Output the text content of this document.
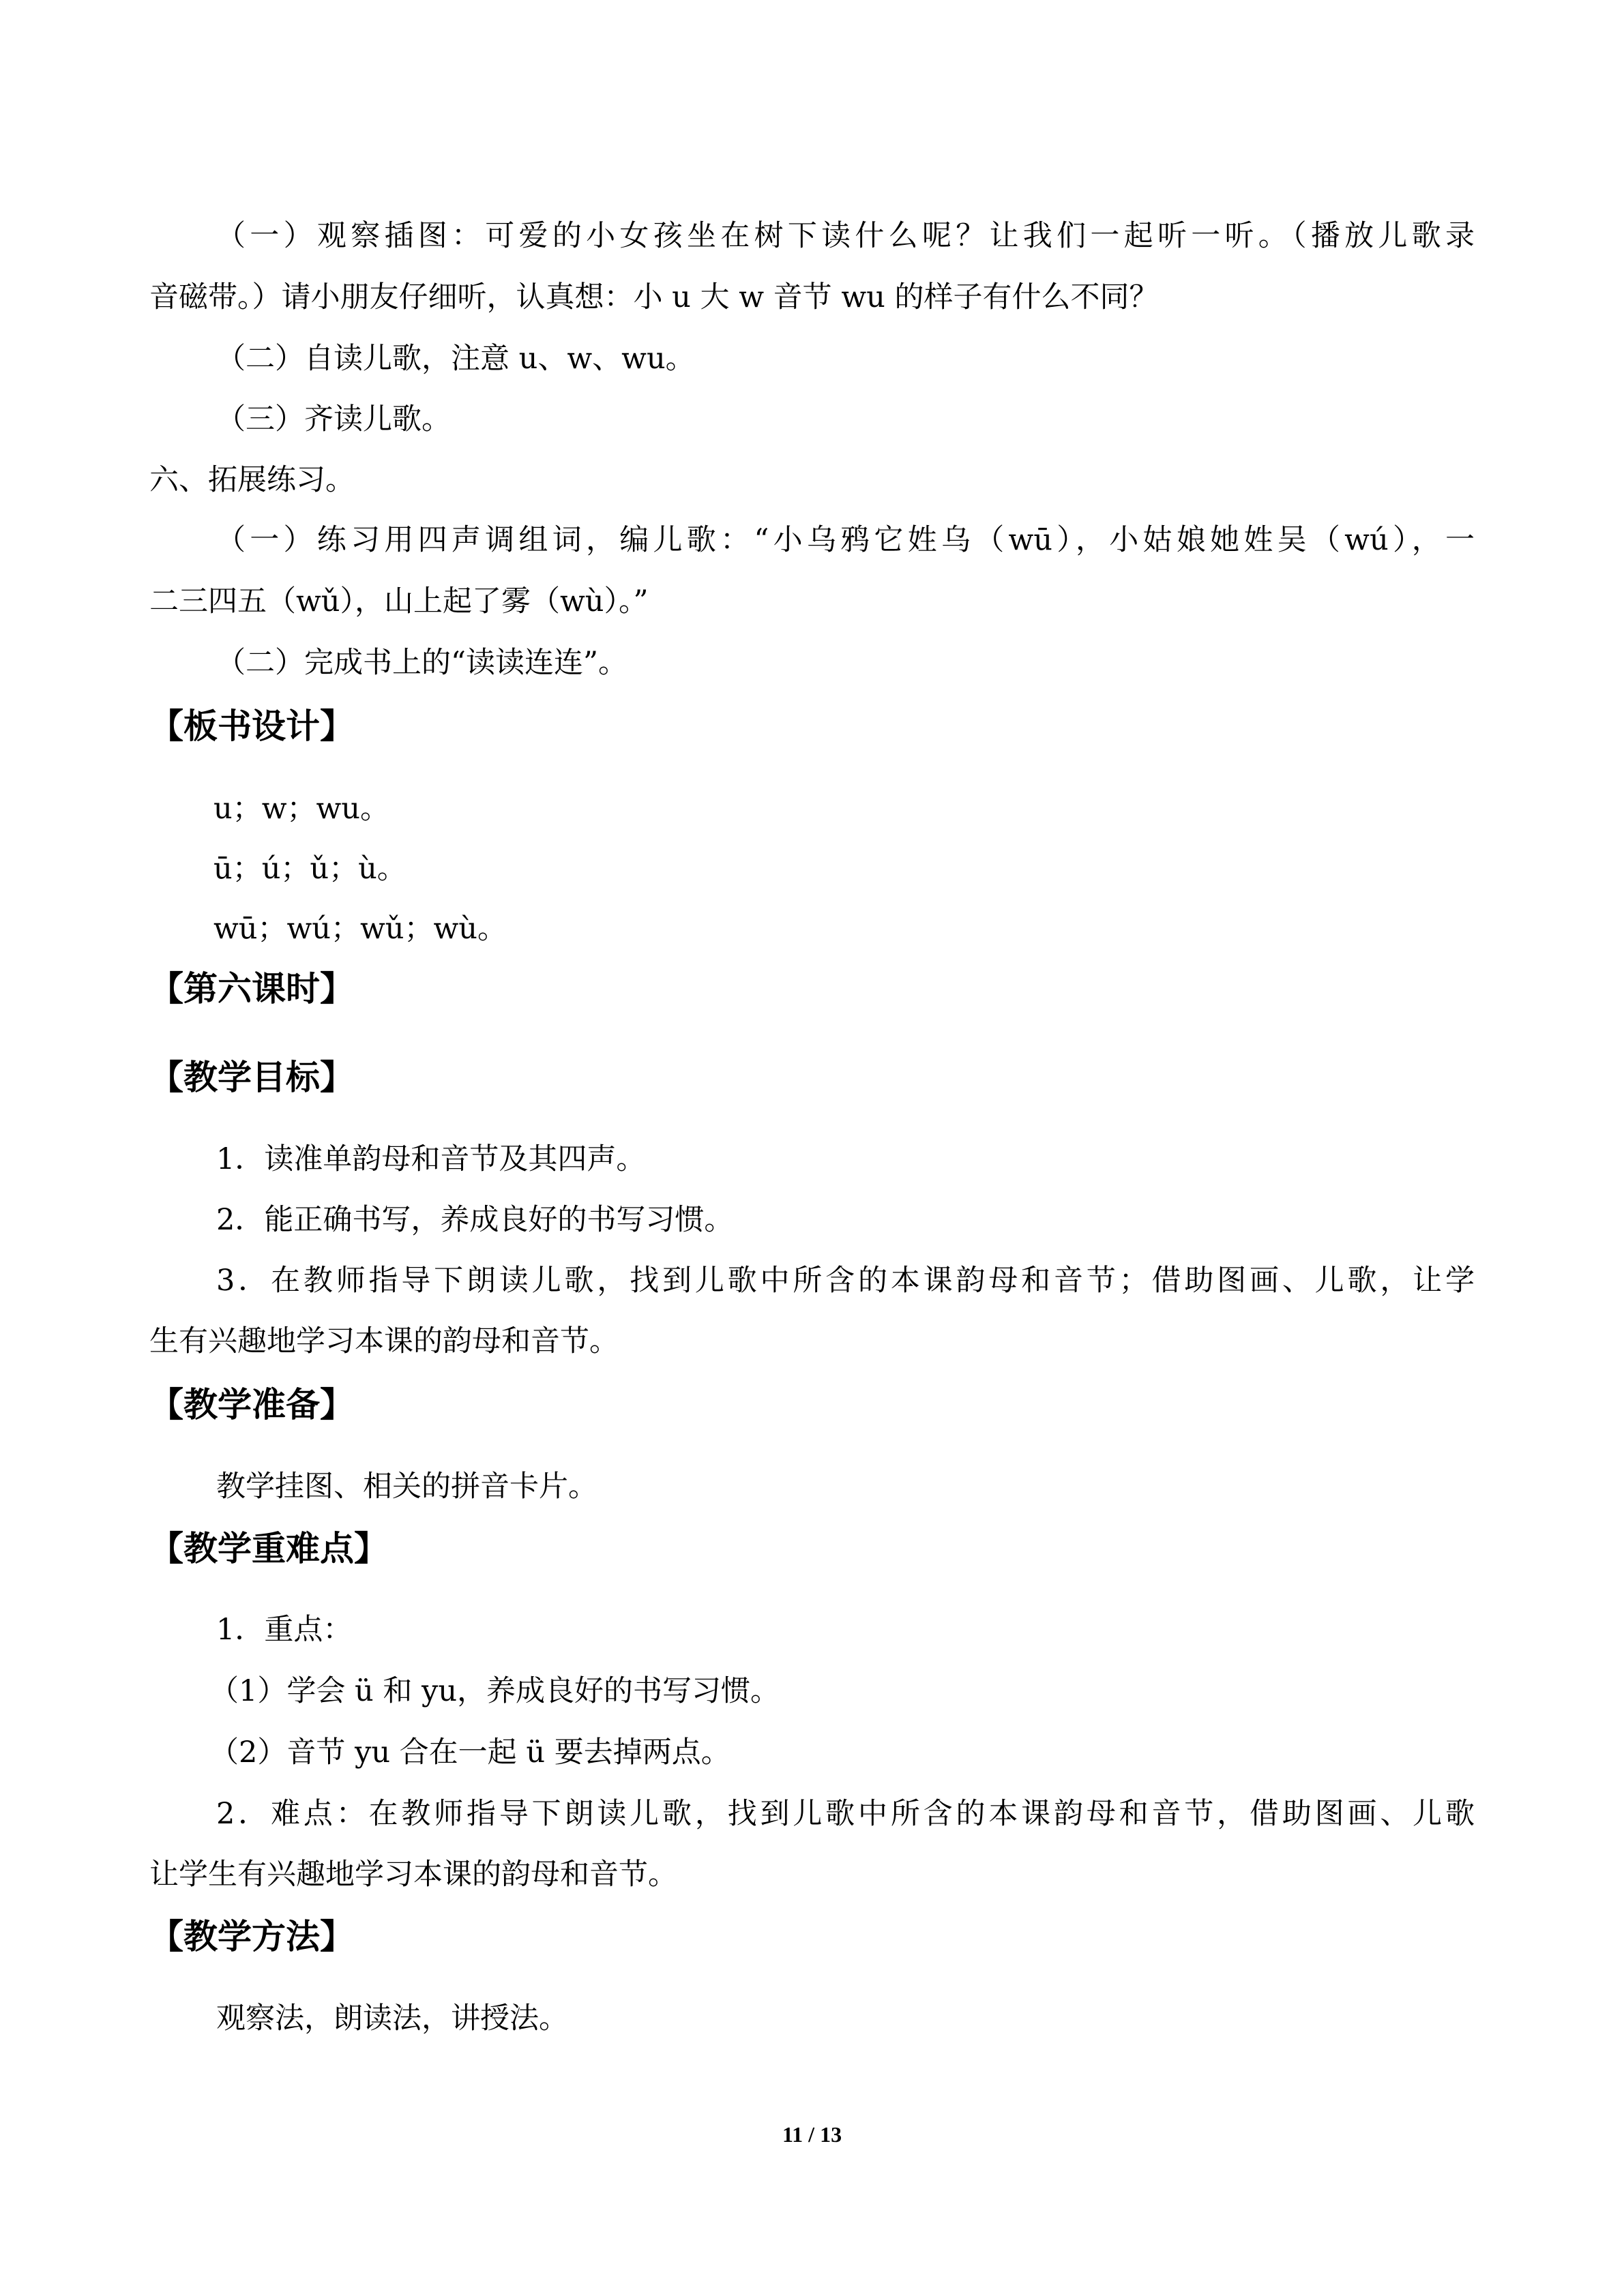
（一）观察插图：可爱的小女孩坐在树下读什么呢？让我们一起听一听。（播放儿歌录
音磁带。）请小朋友仔细听，认真想：小 u 大 w 音节 wu 的样子有什么不同？
（二）自读儿歌，注意 u、w、wu。
（三）齐读儿歌。
六、拓展练习。
（一）练习用四声调组词，编儿歌：“小乌鸦它姓乌（wū），小姑娘她姓吴（wú），一
二三四五（wǔ），山上起了雾（wù）。”
（二）完成书上的“读读连连”。
【板书设计】
u；w；wu。
ū；ú；ǔ；ù。
wū；wú；wǔ；wù。
【第六课时】
【教学目标】
1．读准单韵母和音节及其四声。
2．能正确书写，养成良好的书写习惯。
3．在教师指导下朗读儿歌，找到儿歌中所含的本课韵母和音节；借助图画、儿歌，让学
生有兴趣地学习本课的韵母和音节。
【教学准备】
教学挂图、相关的拼音卡片。
【教学重难点】
1．重点：
（1）学会 ü 和 yu，养成良好的书写习惯。
（2）音节 yu 合在一起 ü 要去掉两点。
2．难点：在教师指导下朗读儿歌，找到儿歌中所含的本课韵母和音节，借助图画、儿歌
让学生有兴趣地学习本课的韵母和音节。
【教学方法】
观察法，朗读法，讲授法。
11 / 13
